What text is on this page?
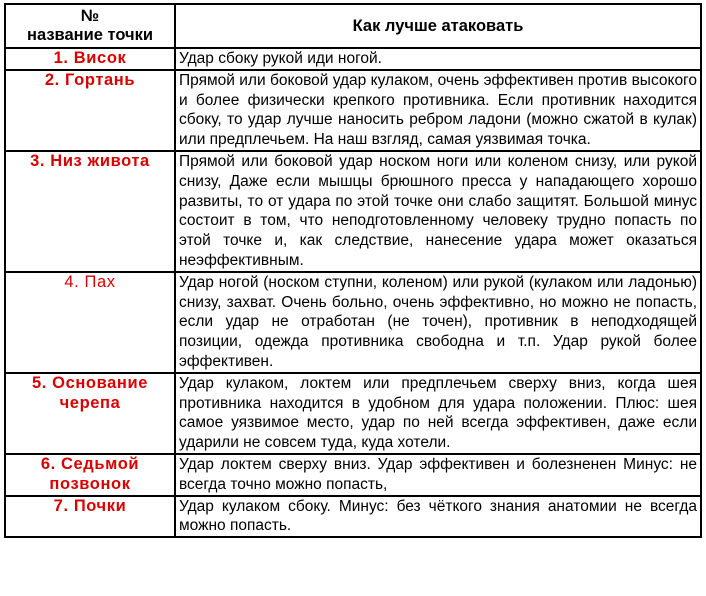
№
название точки	Как лучше атаковать
1. Висок	Удар сбоку рукой иди ногой.
2. Гортань	Прямой или боковой удар кулаком, очень эффективен против высокого и более физически крепкого противника. Если противник находится сбоку, то удар лучше наносить ребром ладони (можно сжатой в кулак) или предплечьем. На наш взгляд, самая уязвимая точка.
3. Низ живота	Прямой или боковой удар носком ноги или коленом снизу, или рукой снизу, Даже если мышцы брюшного пресса у нападающего хорошо развиты, то от удара по этой точке они слабо защитят. Большой минус состоит в том, что неподготовленному человеку трудно попасть по этой точке и, как следствие, нанесение удара может оказаться неэффективным.
4. Пах	Удар ногой (носком ступни, коленом) или рукой (кулаком или ладонью) снизу, захват. Очень больно, очень эффективно, но можно не попасть, если удар не отработан (не точен), противник в неподходящей позиции, одежда противника свободна и т.п. Удар рукой более эффективен.
5. Основание черепа	Удар кулаком, локтем или предплечьем сверху вниз, когда шея противника находится в удобном для удара положении. Плюс: шея самое уязвимое место, удар по ней всегда эффективен, даже если ударили не совсем туда, куда хотели.
6. Седьмой позвонок	Удар локтем сверху вниз. Удар эффективен и болезненен Минус: не всегда точно можно попасть,
7. Почки	Удар кулаком сбоку. Минус: без чёткого знания анатомии не всегда можно попасть.
